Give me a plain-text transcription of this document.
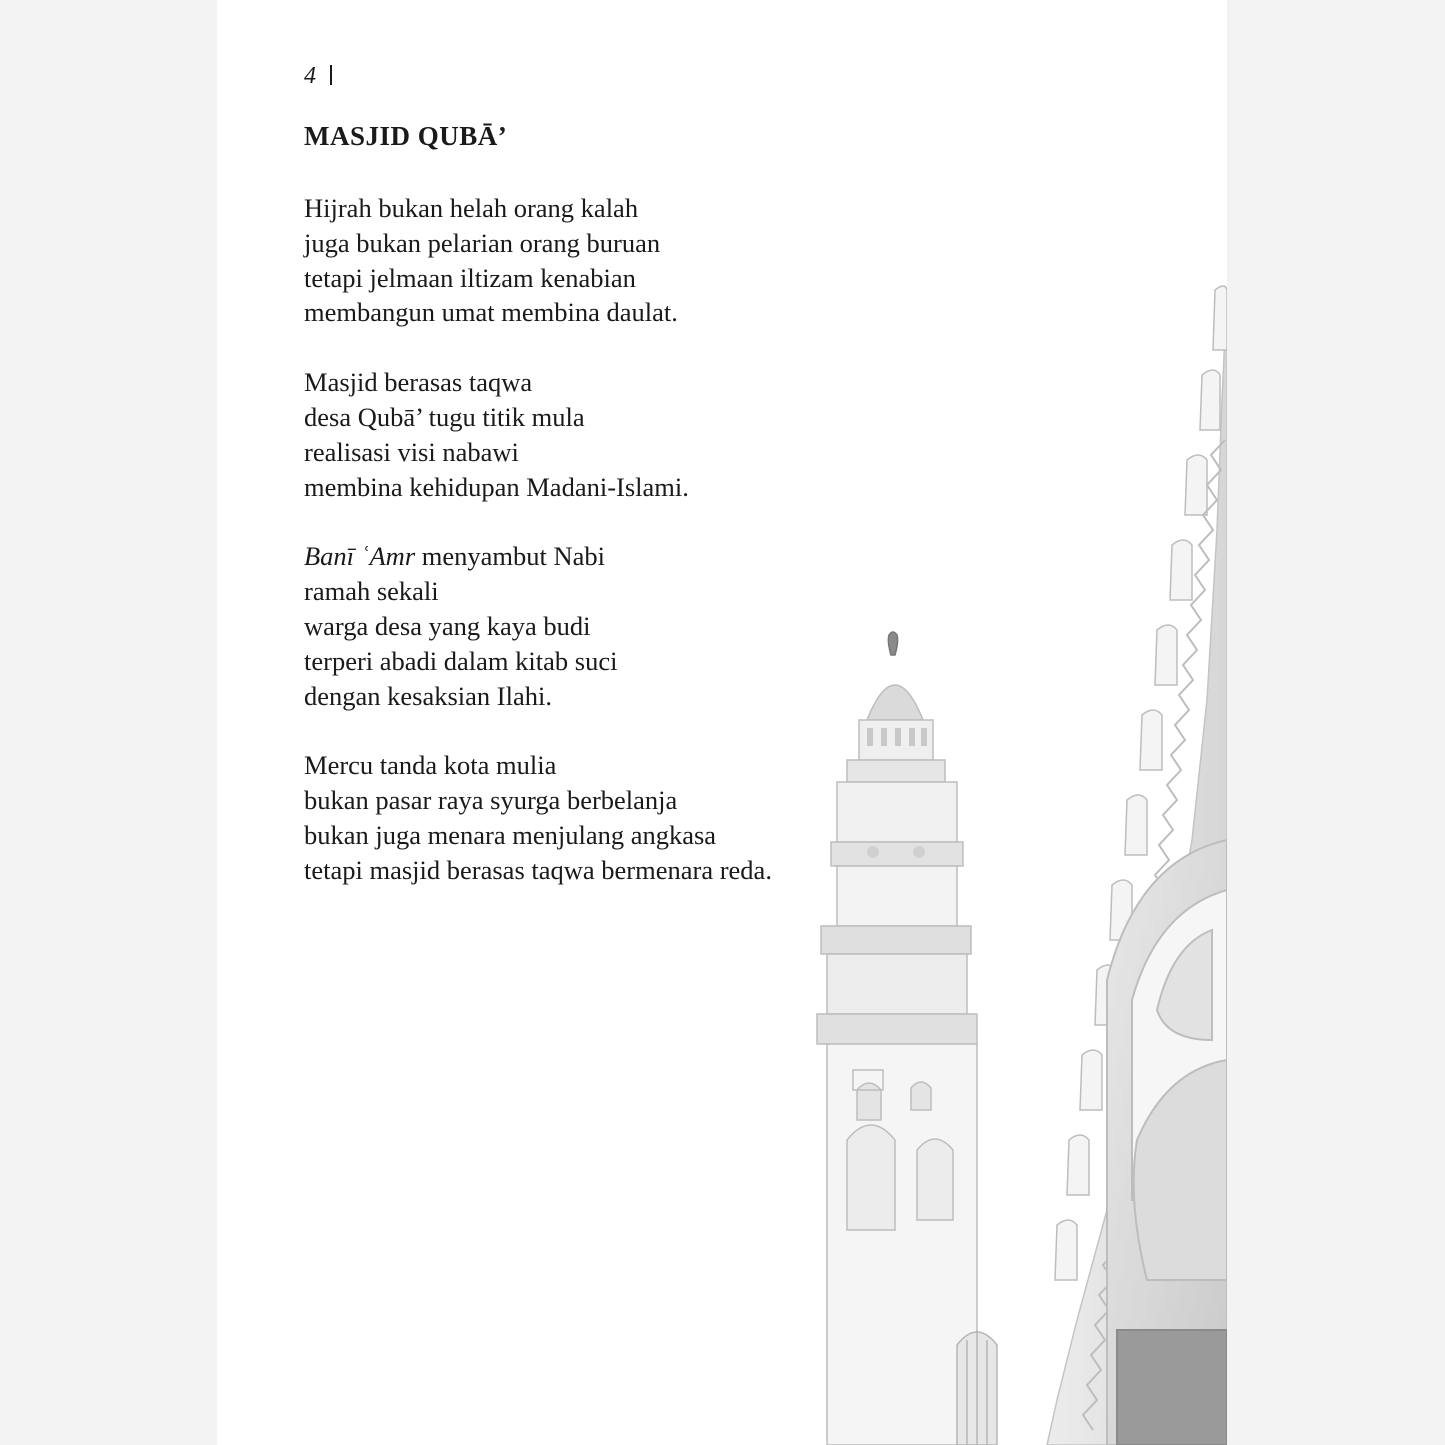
4
MASJID QUBĀ’
Hijrah bukan helah orang kalah
juga bukan pelarian orang buruan
tetapi jelmaan iltizam kenabian
membangun umat membina daulat.
Masjid berasas taqwa
desa Qubā’ tugu titik mula
realisasi visi nabawi
membina kehidupan Madani-Islami.
Banī ʿAmr menyambut Nabi
ramah sekali
warga desa yang kaya budi
terperi abadi dalam kitab suci
dengan kesaksian Ilahi.
Mercu tanda kota mulia
bukan pasar raya syurga berbelanja
bukan juga menara menjulang angkasa
tetapi masjid berasas taqwa bermenara reda.
